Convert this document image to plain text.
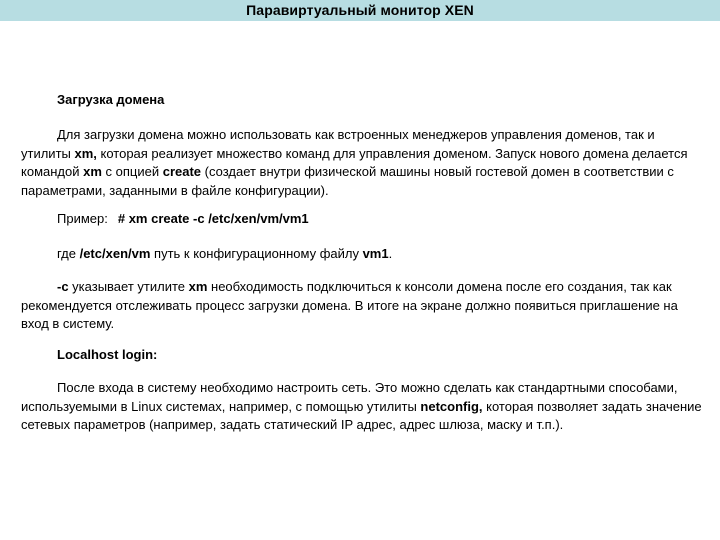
Паравиртуальный монитор XEN

Загрузка домена

Для загрузки домена можно использовать как встроенных менеджеров управления доменов, так и утилиты xm, которая реализует множество команд для управления доменом. Запуск нового домена делается командой xm с опцией create (создает внутри физической машины новый гостевой домен в соответствии с параметрами, заданными в файле конфигурации).

Пример: # xm create -c /etc/xen/vm/vm1

где /etc/xen/vm путь к конфигурационному файлу vm1.

-c указывает утилите xm необходимость подключиться к консоли домена после его создания, так как рекомендуется отслеживать процесс загрузки домена. В итоге на экране должно появиться приглашение на вход в систему.

Localhost login:

После входа в систему необходимо настроить сеть. Это можно сделать как стандартными способами, используемыми в Linux системах, например, с помощью утилиты netconfig, которая позволяет задать значение сетевых параметров (например, задать статический IP адрес, адрес шлюза, маску и т.п.).
